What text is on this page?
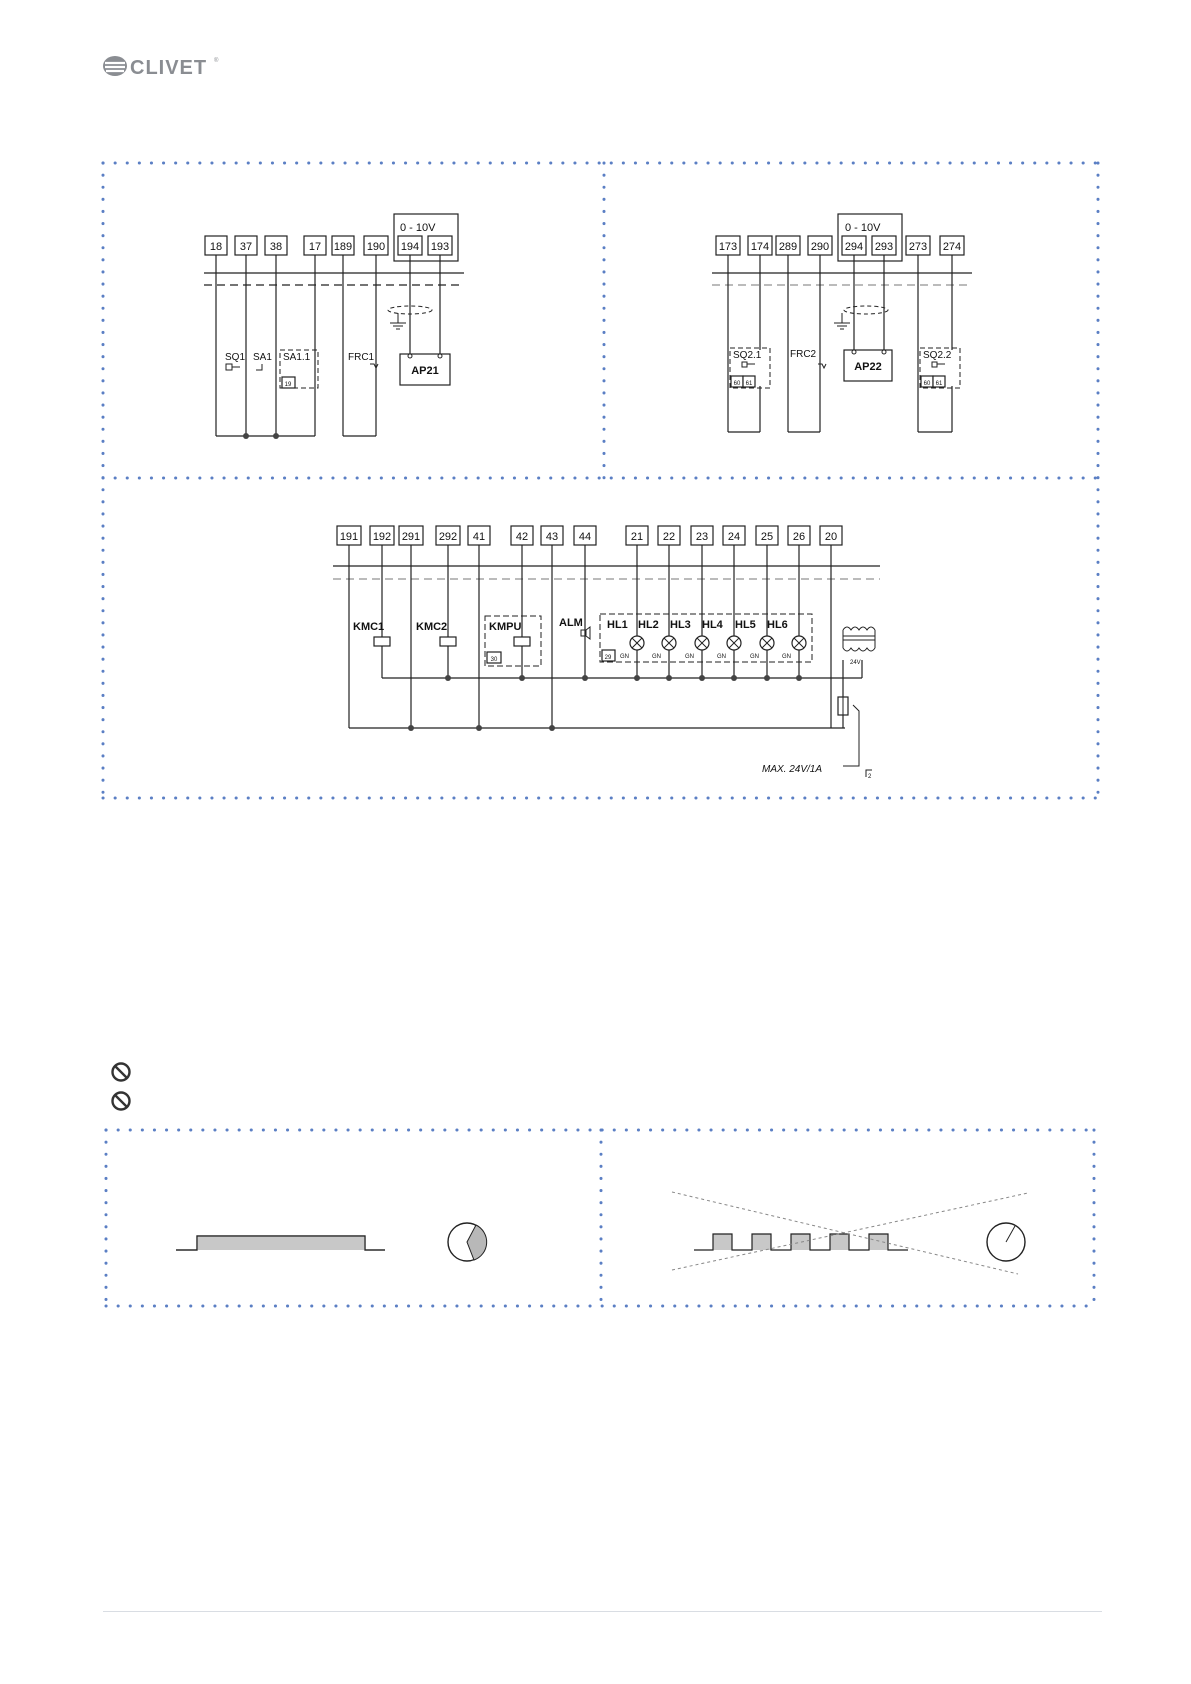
CLIVET ®
0 - 10V
18 37 38 17 189 190 194 193
AP21
SQ1 SA1 SA1.1
19
FRC1
0 - 10V
173 174 289 290 294 293 273 274
AP22
SQ2.1
60 61
FRC2	SQ2.2
60 61
191 192 291 292 41	42 43 44	21 22 23 24 25 26 20
KMC1	KMC2	KMPU
30
ALM
29
HL1 HL2 HL3 HL4 HL5 HL6
GN	GN	GN	GN	GN	GN
24V
MAX. 24V/1A
2
